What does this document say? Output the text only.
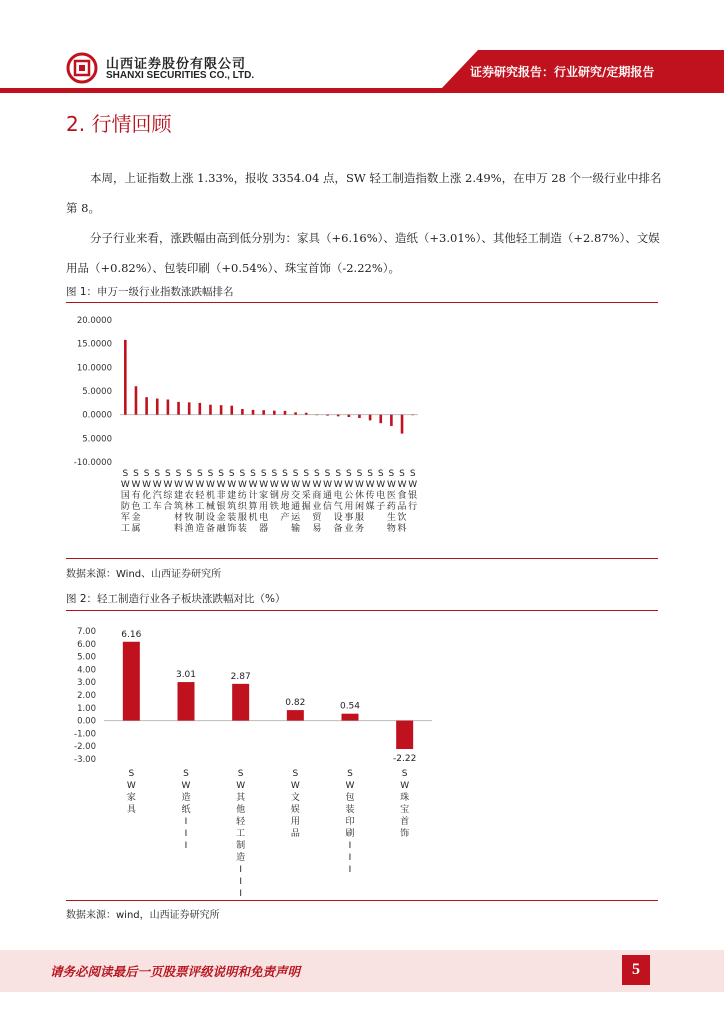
山西证券股份有限公司
SHANXI SECURITIES CO., LTD.	证券研究报告：行业研究/定期报告
2. 行情回顾
本周，上证指数上涨 1.33%，报收 3354.04 点，SW 轻工制造指数上涨 2.49%，在申万 28 个一级行业中排名第 8。
分子行业来看，涨跌幅由高到低分别为：家具（+6.16%）、造纸（+3.01%）、其他轻工制造（+2.87%）、文娱用品（+0.82%）、包装印刷（+0.54%）、珠宝首饰（-2.22%）。
图 1：申万一级行业指数涨跌幅排名
20.0000
15.0000
10.0000
5.0000
0.0000
5.0000
-10.0000
S W 国防军工
S W 有色金属
S W 化工
S W 汽车
S W 综合
S W 建筑材料
S W 农林牧渔
S W 轻工制造
S W 机械设备
S W 非银金融
S W 建筑装饰
S W 纺织服装
S W 计算机
S W 家用电器
S W 钢铁
S W 房地产
S W 交通运输
S W 采掘
S W 商业贸易
S W 通信
S W 电气设备
S W 公用事业
S W 休闲服务
S W 传媒
S W 电子
S W 医药生物
S W 食品饮料
S W 银行
数据来源：Wind、山西证券研究所
图 2：轻工制造行业各子板块涨跌幅对比（%）
7.00
6.00
5.00
4.00
3.00
2.00
1.00
0.00
-1.00
-2.00
-3.00
6.16
3.01	2.87
0.82	0.54
-2.22
S W 家具
S W 造纸 I I I
S W 其他轻工制造 I I I
S W 文娱用品
S W 包装印刷 I I I
S W 珠宝首饰
数据来源：wind，山西证券研究所
请务必阅读最后一页股票评级说明和免责声明	5
